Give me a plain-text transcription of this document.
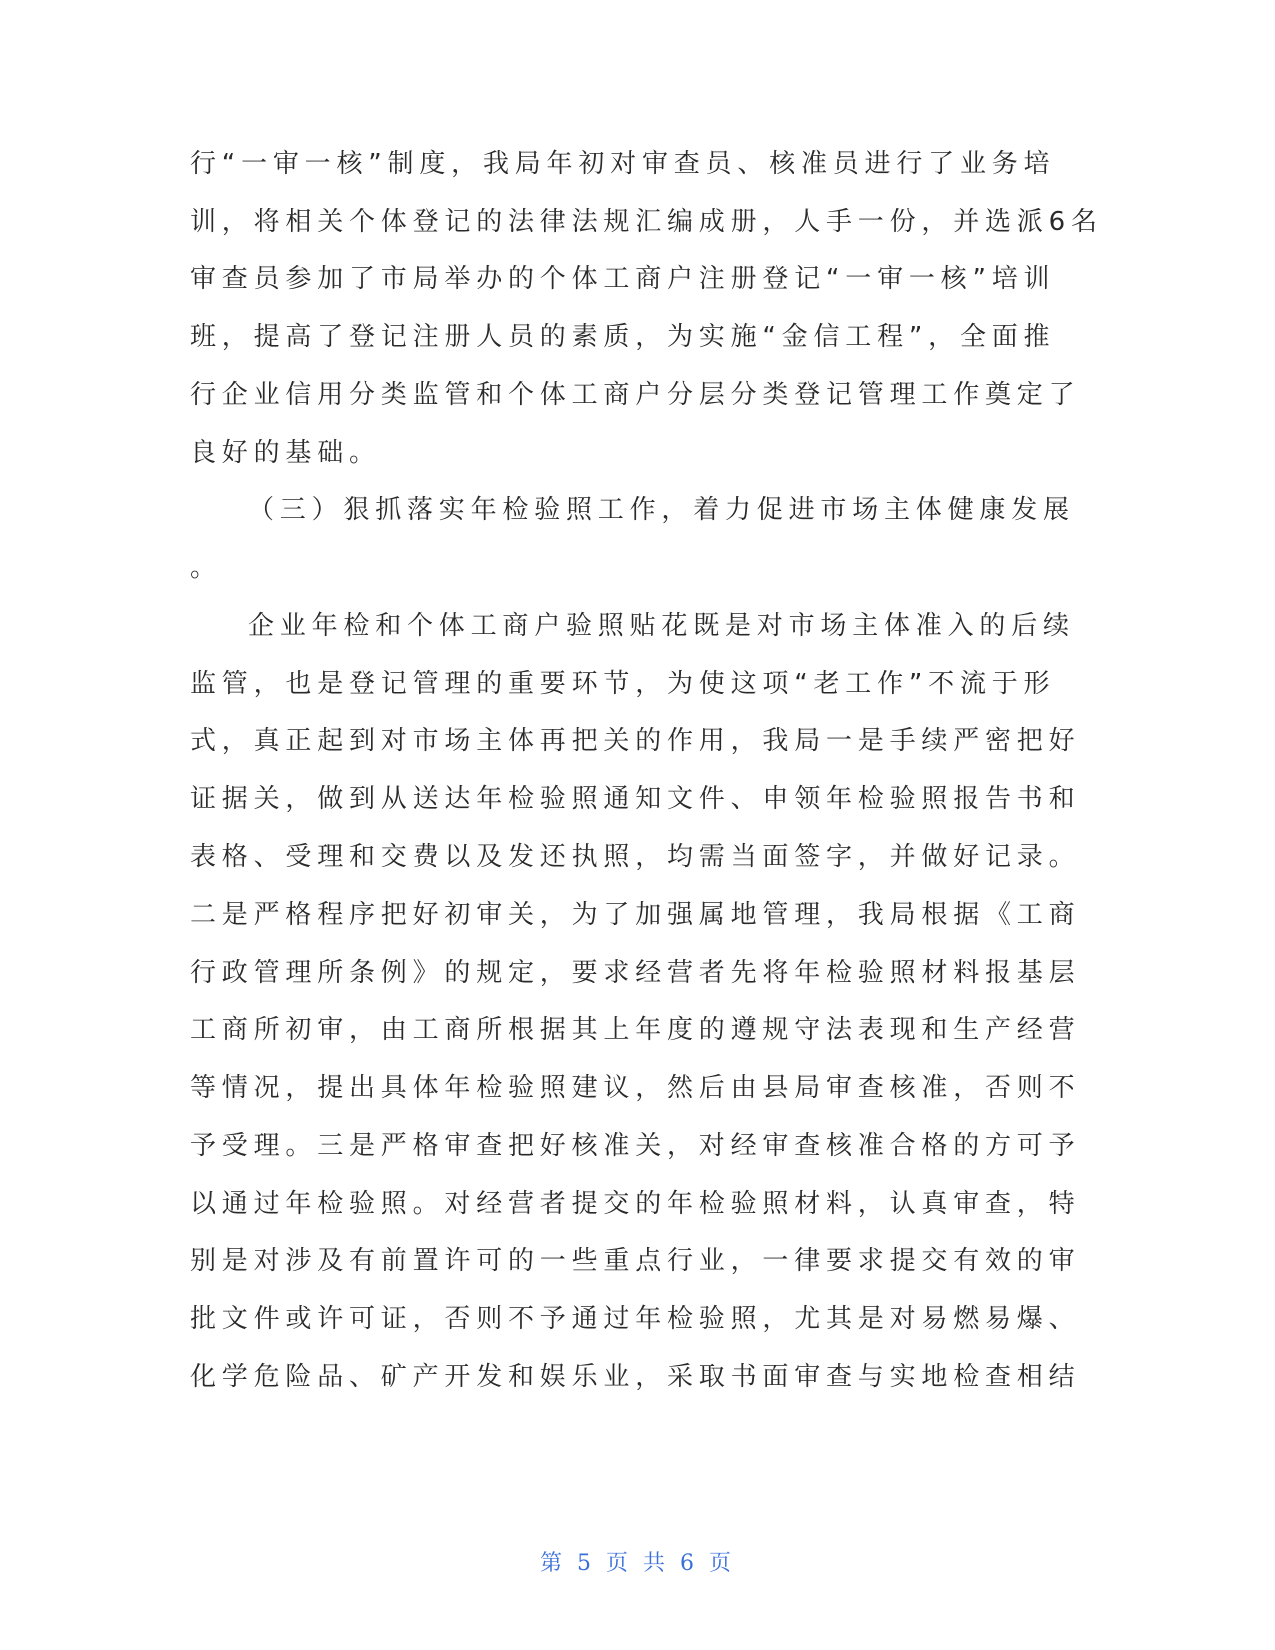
行“一审一核”制度，我局年初对审查员、核准员进行了业务培
训，将相关个体登记的法律法规汇编成册，人手一份，并选派6名
审查员参加了市局举办的个体工商户注册登记“一审一核”培训
班，提高了登记注册人员的素质，为实施“金信工程”，全面推
行企业信用分类监管和个体工商户分层分类登记管理工作奠定了
良好的基础。
（三）狠抓落实年检验照工作，着力促进市场主体健康发展
。
企业年检和个体工商户验照贴花既是对市场主体准入的后续
监管，也是登记管理的重要环节，为使这项“老工作”不流于形
式，真正起到对市场主体再把关的作用，我局一是手续严密把好
证据关，做到从送达年检验照通知文件、申领年检验照报告书和
表格、受理和交费以及发还执照，均需当面签字，并做好记录。
二是严格程序把好初审关，为了加强属地管理，我局根据《工商
行政管理所条例》的规定，要求经营者先将年检验照材料报基层
工商所初审，由工商所根据其上年度的遵规守法表现和生产经营
等情况，提出具体年检验照建议，然后由县局审查核准，否则不
予受理。三是严格审查把好核准关，对经审查核准合格的方可予
以通过年检验照。对经营者提交的年检验照材料，认真审查，特
别是对涉及有前置许可的一些重点行业，一律要求提交有效的审
批文件或许可证，否则不予通过年检验照，尤其是对易燃易爆、
化学危险品、矿产开发和娱乐业，采取书面审查与实地检查相结
第 5 页 共 6 页
